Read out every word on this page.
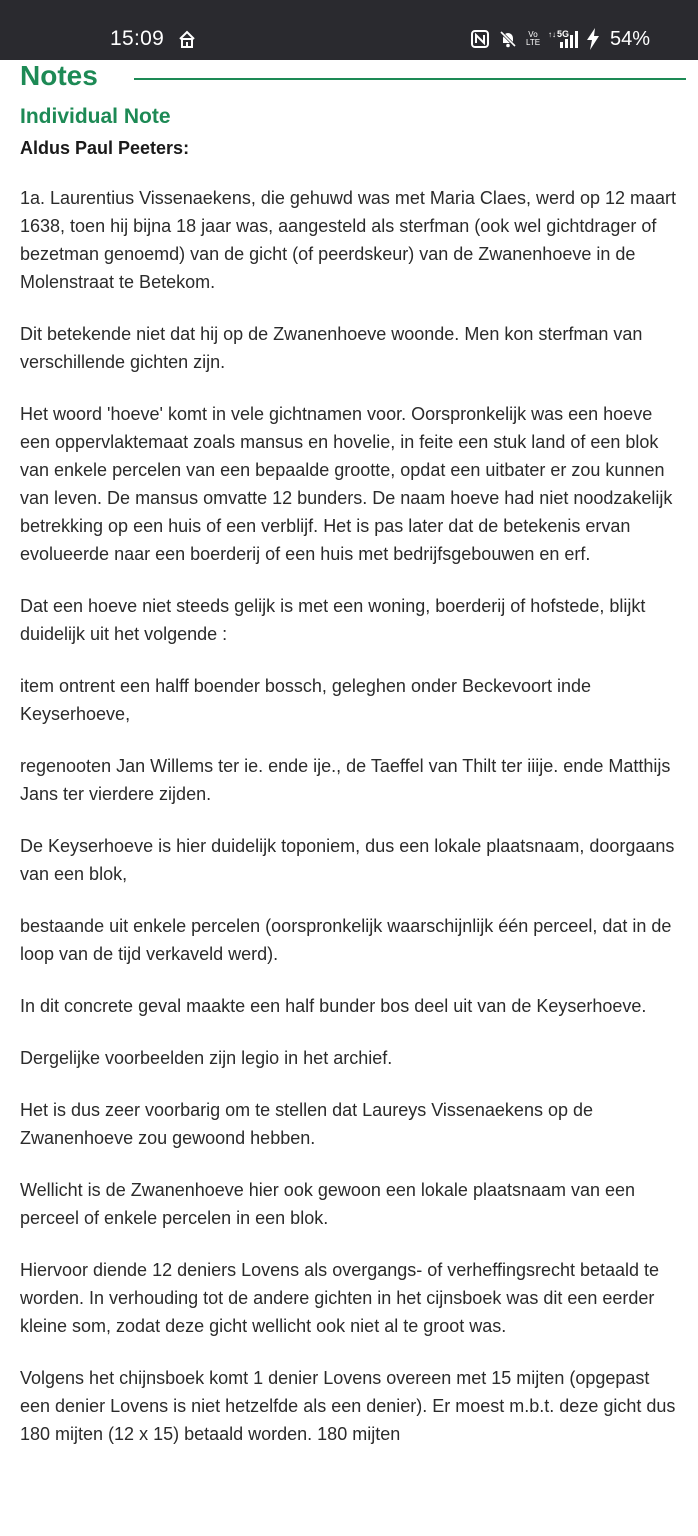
15:09	Vo
LTE
↑↓ 5G 54%
Notes
Individual Note
Aldus Paul Peeters:

1a. Laurentius Vissenaekens, die gehuwd was met Maria Claes, werd op 12 maart 1638, toen hij bijna 18 jaar was, aangesteld als sterfman (ook wel gichtdrager of bezetman genoemd) van de gicht (of peerdskeur) van de Zwanenhoeve in de Molenstraat te Betekom.

Dit betekende niet dat hij op de Zwanenhoeve woonde. Men kon sterfman van verschillende gichten zijn.

Het woord 'hoeve' komt in vele gichtnamen voor. Oorspronkelijk was een hoeve een oppervlaktemaat zoals mansus en hovelie, in feite een stuk land of een blok van enkele percelen van een bepaalde grootte, opdat een uitbater er zou kunnen van leven. De mansus omvatte 12 bunders. De naam hoeve had niet noodzakelijk betrekking op een huis of een verblijf. Het is pas later dat de betekenis ervan evolueerde naar een boerderij of een huis met bedrijfsgebouwen en erf.

Dat een hoeve niet steeds gelijk is met een woning, boerderij of hofstede, blijkt duidelijk uit het volgende :

item ontrent een halff boender bossch, geleghen onder Beckevoort inde Keyserhoeve,

regenooten Jan Willems ter ie. ende ije., de Taeffel van Thilt ter iiije. ende Matthijs Jans ter vierdere zijden.

De Keyserhoeve is hier duidelijk toponiem, dus een lokale plaatsnaam, doorgaans van een blok,

bestaande uit enkele percelen (oorspronkelijk waarschijnlijk één perceel, dat in de loop van de tijd verkaveld werd).

In dit concrete geval maakte een half bunder bos deel uit van de Keyserhoeve.

Dergelijke voorbeelden zijn legio in het archief.

Het is dus zeer voorbarig om te stellen dat Laureys Vissenaekens op de Zwanenhoeve zou gewoond hebben.

Wellicht is de Zwanenhoeve hier ook gewoon een lokale plaatsnaam van een perceel of enkele percelen in een blok.

Hiervoor diende 12 deniers Lovens als overgangs- of verheffingsrecht betaald te worden. In verhouding tot de andere gichten in het cijnsboek was dit een eerder kleine som, zodat deze gicht wellicht ook niet al te groot was.

Volgens het chijnsboek komt 1 denier Lovens overeen met 15 mijten (opgepast een denier Lovens is niet hetzelfde als een denier). Er moest m.b.t. deze gicht dus 180 mijten (12 x 15) betaald worden. 180 mijten
